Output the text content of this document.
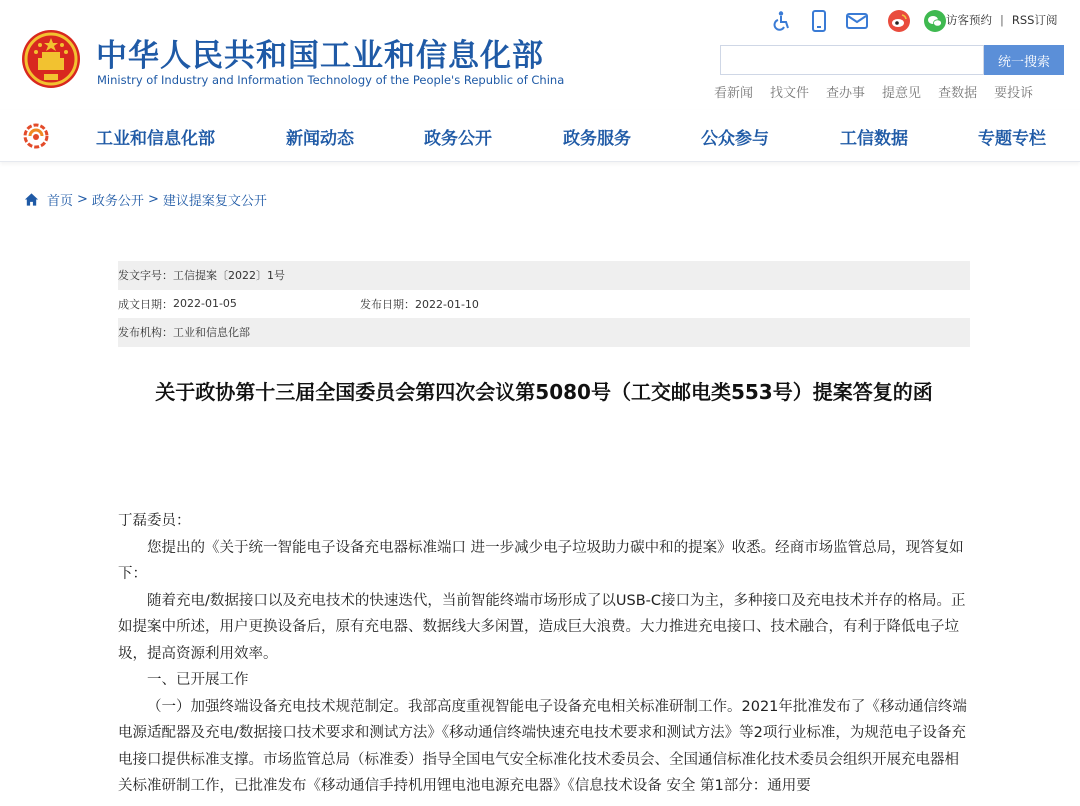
中华人民共和国工业和信息化部
Ministry of Industry and Information Technology of the People's Republic of China
访客预约 | RSS订阅
统一搜索
看新闻 找文件 查办事 提意见 查数据 要投诉
工业和信息化部	新闻动态	政务公开	政务服务	公众参与	工信数据	专题专栏
首页 > 政务公开 > 建议提案复文公开
发文字号： 工信提案〔2022〕1号
成文日期： 2022-01-05	发布日期：2022-01-10
发布机构： 工业和信息化部
关于政协第十三届全国委员会第四次会议第5080号（工交邮电类553号）提案答复的函

丁磊委员：

您提出的《关于统一智能电子设备充电器标准端口 进一步减少电子垃圾助力碳中和的提案》收悉。经商市场监管总局，现答复如下：

随着充电/数据接口以及充电技术的快速迭代，当前智能终端市场形成了以USB-C接口为主，多种接口及充电技术并存的格局。正如提案中所述，用户更换设备后，原有充电器、数据线大多闲置，造成巨大浪费。大力推进充电接口、技术融合，有利于降低电子垃圾，提高资源利用效率。

一、已开展工作

（一）加强终端设备充电技术规范制定。我部高度重视智能电子设备充电相关标准研制工作。2021年批准发布了《移动通信终端电源适配器及充电/数据接口技术要求和测试方法》《移动通信终端快速充电技术要求和测试方法》等2项行业标准，为规范电子设备充电接口提供标准支撑。市场监管总局（标准委）指导全国电气安全标准化技术委员会、全国通信标准化技术委员会组织开展充电器相关标准研制工作，已批准发布《移动通信手持机用锂电池电源充电器》《信息技术设备 安全 第1部分：通用要
